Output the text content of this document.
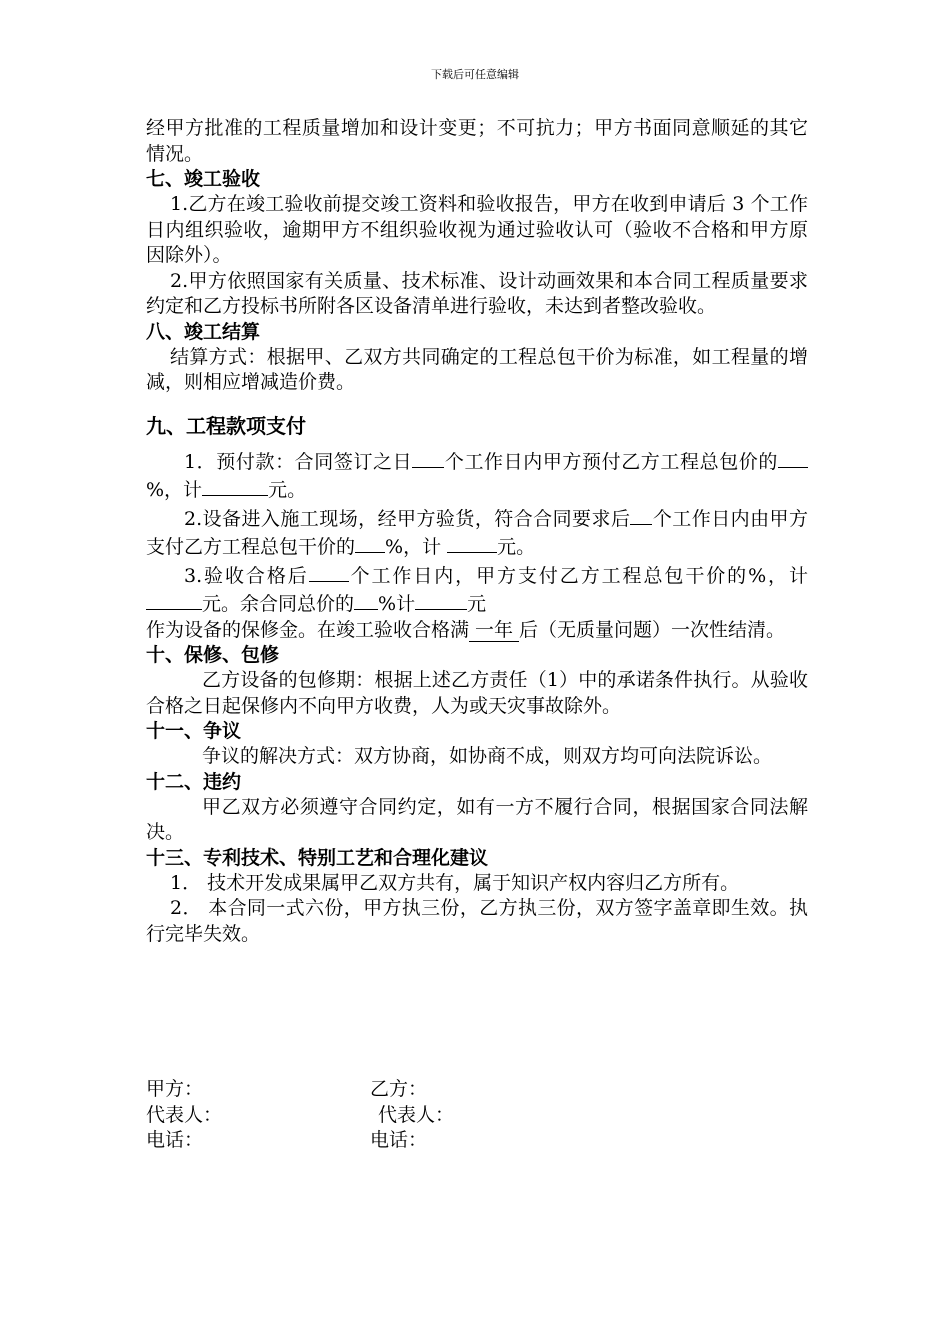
下载后可任意编辑

经甲方批准的工程质量增加和设计变更；不可抗力；甲方书面同意顺延的其它情况。

七、竣工验收

1.乙方在竣工验收前提交竣工资料和验收报告，甲方在收到申请后 3 个工作日内组织验收，逾期甲方不组织验收视为通过验收认可（验收不合格和甲方原因除外）。

2.甲方依照国家有关质量、技术标准、设计动画效果和本合同工程质量要求约定和乙方投标书所附各区设备清单进行验收，未达到者整改验收。

八、竣工结算

结算方式：根据甲、乙双方共同确定的工程总包干价为标准，如工程量的增减，则相应增减造价费。

九、工程款项支付

1．预付款：合同签订之日 个工作日内甲方预付乙方工程总包价的%，计	元。

2.设备进入施工现场，经甲方验货，符合合同要求后 个工作日内由甲方支付乙方工程总包干价的 %，计	元。

3.验收合格后 个工作日内，甲方支付乙方工程总包干价的%，计元。余合同总价的 %计	元

作为设备的保修金。在竣工验收合格满 一年 后（无质量问题）一次性结清。

十、保修、包修

乙方设备的包修期：根据上述乙方责任（1）中的承诺条件执行。从验收合格之日起保修内不向甲方收费，人为或天灾事故除外。

十一、争议

争议的解决方式：双方协商，如协商不成，则双方均可向法院诉讼。

十二、违约

甲乙双方必须遵守合同约定，如有一方不履行合同，根据国家合同法解决。

十三、专利技术、特别工艺和合理化建议

1． 技术开发成果属甲乙双方共有，属于知识产权内容归乙方所有。

2． 本合同一式六份，甲方执三份，乙方执三份，双方签字盖章即生效。执行完毕失效。

甲方：	乙方：
代表人：	代表人：
电话：	电话：
